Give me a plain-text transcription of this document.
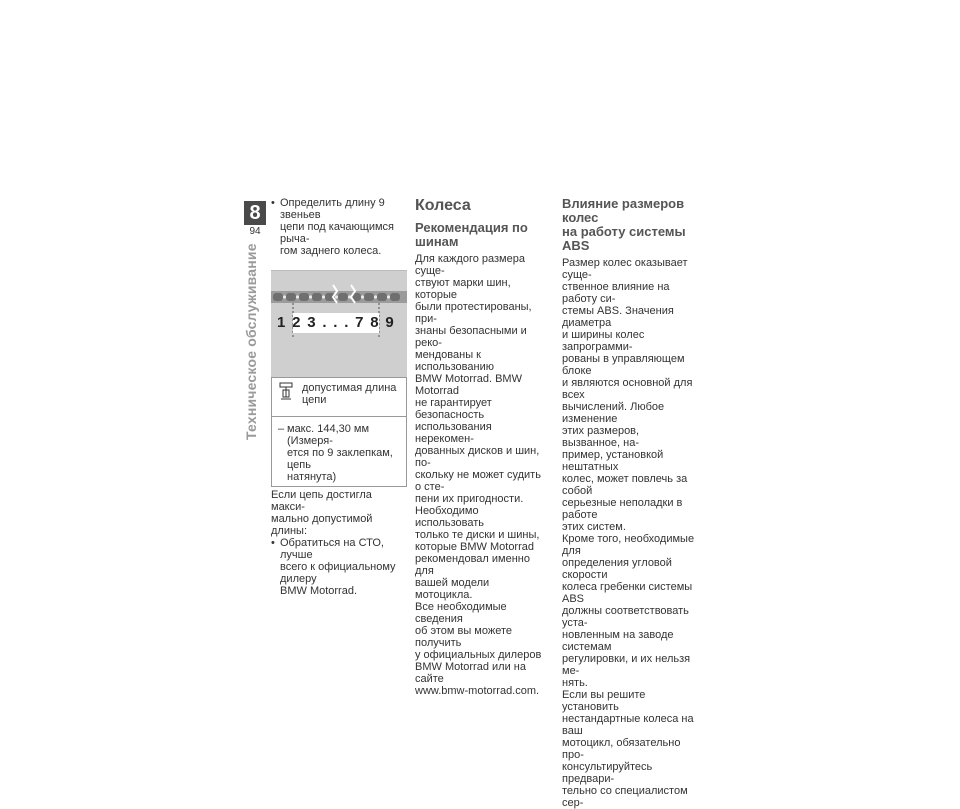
8
94
Техническое обслуживание

• Определить длину 9 звеньев
цепи под качающимся рыча-
гом заднего колеса.

1 2 3 . . . 7 8 9
допустимая длина цепи
– макс. 144,30 мм (Измеря-
ется по 9 заклепкам, цепь
натянута)

Если цепь достигла макси-
мально допустимой длины:

• Обратиться на СТО, лучше
всего к официальному дилеру
BMW Motorrad.

Колеса
Рекомендация по шинам

Для каждого размера суще-
ствуют марки шин, которые
были протестированы, при-
знаны безопасными и реко-
мендованы к использованию
BMW Motorrad. BMW Motorrad
не гарантирует безопасность
использования нерекомен-
дованных дисков и шин, по-
скольку не может судить о сте-
пени их пригодности.
Необходимо использовать
только те диски и шины,
которые BMW Motorrad
рекомендовал именно для
вашей модели мотоцикла.
Все необходимые сведения
об этом вы можете получить
у официальных дилеров
BMW Motorrad или на сайте
www.bmw-motorrad.com.

Влияние размеров колес
на работу системы ABS

Размер колес оказывает суще-
ственное влияние на работу си-
стемы ABS. Значения диаметра
и ширины колес запрограмми-
рованы в управляющем блоке
и являются основной для всех
вычислений. Любое изменение
этих размеров, вызванное, на-
пример, установкой нештатных
колес, может повлечь за собой
серьезные неполадки в работе
этих систем.
Кроме того, необходимые для
определения угловой скорости
колеса гребенки системы ABS
должны соответствовать уста-
новленным на заводе системам
регулировки, и их нельзя ме-
нять.
Если вы решите установить
нестандартные колеса на ваш
мотоцикл, обязательно про-
консультируйтесь предвари-
тельно со специалистом сер-
